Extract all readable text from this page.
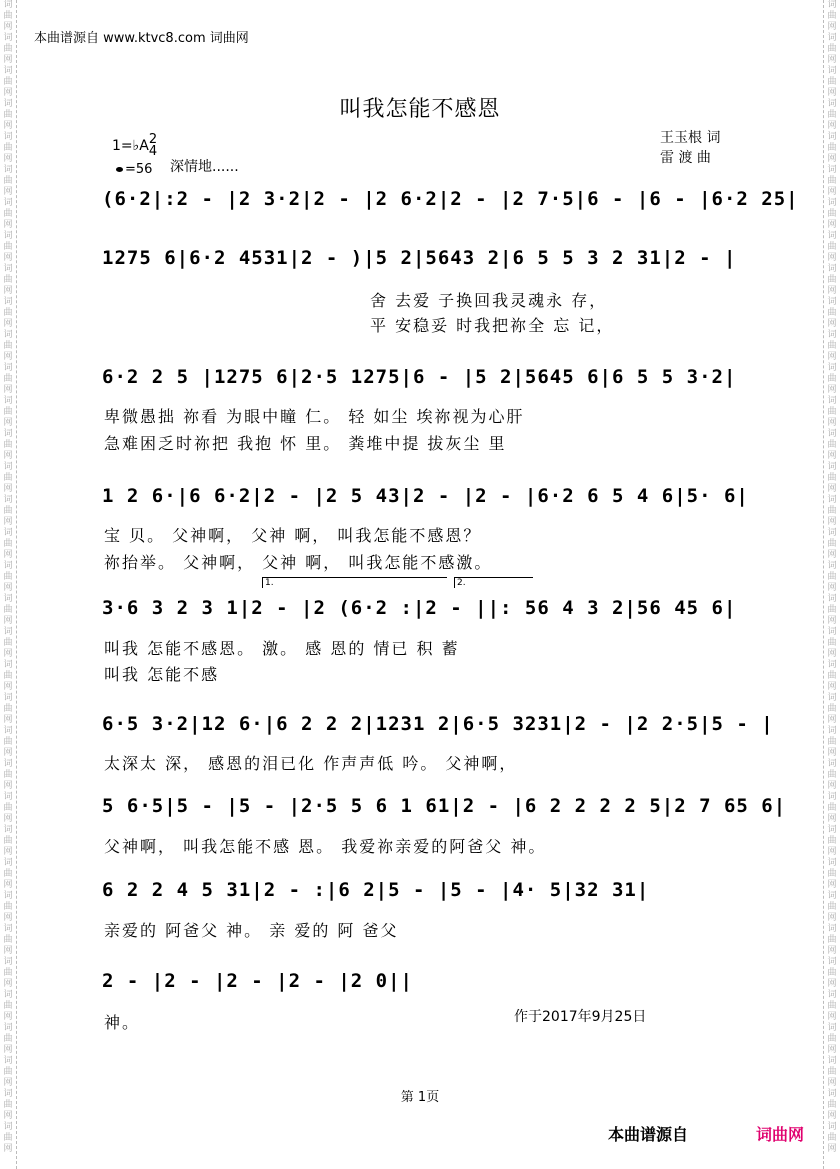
词曲网
词曲网
词曲网
词曲网
词曲网
词曲网
词曲网
词曲网
词曲网
词曲网
词曲网
词曲网
词曲网
词曲网
词曲网
词曲网
词曲网
词曲网
词曲网
词曲网
词曲网
词曲网
词曲网
词曲网
词曲网
词曲网
词曲网
词曲网
词曲网
词曲网
词曲网
词曲网
词曲网
词曲网
词曲网
词曲网
词曲网
词曲网
词曲网
词曲网
词曲网
词曲网
词曲网
词曲网
词曲网
词曲网
词曲网
词曲网
词曲网
词曲网
词曲网
词曲网
词曲网
词曲网
词曲网
词曲网
词曲网
词曲网
词曲网
词曲网
词曲网
词曲网
词曲网
词曲网
词曲网
词曲网
词曲网
词曲网
词曲网
词曲网
本曲谱源自 www.ktvc8.com 词曲网
叫我怎能不感恩
1=♭A 2
4
=56 深情地......
王玉根 词
雷 渡 曲
(6·2|:2 - |2 3·2|2 - |2 6·2|2 - |2 7·5|6 - |6 - |6·2 25|
1275 6|6·2 4531|2 - )|5 2|5643 2|6 5 5 3 2 31|2 - |
舍 去爱 子换回我灵魂永 存，
平 安稳妥 时我把祢全 忘 记，
6·2 2 5 |1275 6|2·5 1275|6 - |5 2|5645 6|6 5 5 3·2|
卑微愚拙 祢看 为眼中瞳 仁。 轻 如尘 埃祢视为心肝
急难困乏时祢把 我抱 怀 里。 粪堆中提 拔灰尘 里
1 2 6·|6 6·2|2 - |2 5 43|2 - |2 - |6·2 6 5 4 6|5· 6|
宝 贝。 父神啊， 父神 啊， 叫我怎能不感恩？
祢抬举。 父神啊， 父神 啊， 叫我怎能不感激。
1.	2.
3·6 3 2 3 1|2 - |2 (6·2 :|2 - ||: 56 4 3 2|56 45 6|
叫我 怎能不感恩。 激。 感 恩的 情已 积 蓄
叫我 怎能不感
6·5 3·2|12 6·|6 2 2 2|1231 2|6·5 3231|2 - |2 2·5|5 - |
太深太 深， 感恩的泪已化 作声声低 吟。 父神啊，
5 6·5|5 - |5 - |2·5 5 6 1 61|2 - |6 2 2 2 2 5|2 7 65 6|
父神啊， 叫我怎能不感 恩。 我爱祢亲爱的阿爸父 神。
6 2 2 4 5 31|2 - :|6 2|5 - |5 - |4· 5|32 31|
亲爱的 阿爸父 神。 亲 爱的 阿 爸父
2 - |2 - |2 - |2 - |2 0||
神。	作于2017年9月25日
第 1页
本曲谱源自	词曲网
